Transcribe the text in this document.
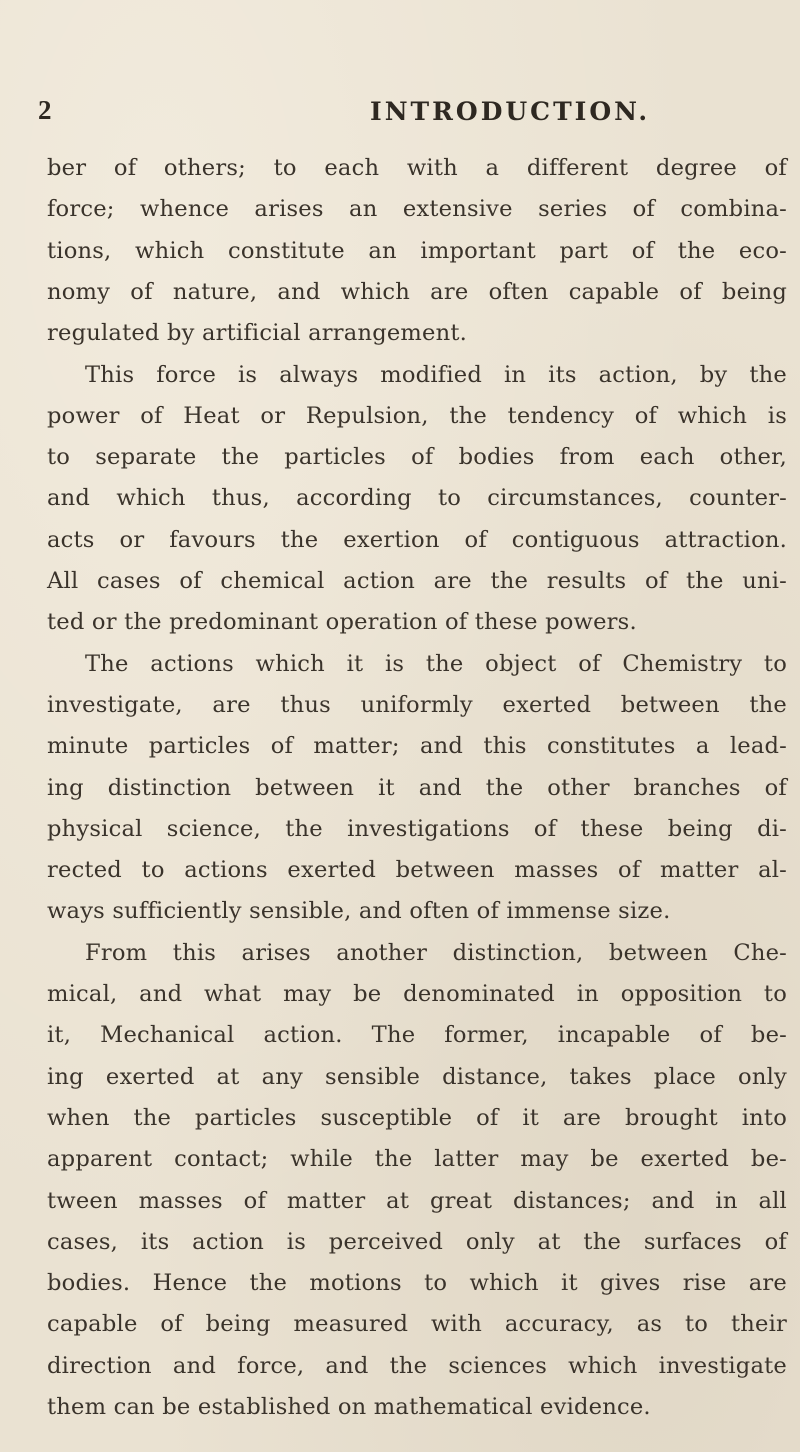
2	INTRODUCTION.
ber of others; to each with a different degree of
force; whence arises an extensive series of combina-
tions, which constitute an important part of the eco-
nomy of nature, and which are often capable of being
regulated by artificial arrangement.
This force is always modified in its action, by the
power of Heat or Repulsion, the tendency of which is
to separate the particles of bodies from each other,
and which thus, according to circumstances, counter-
acts or favours the exertion of contiguous attraction.
All cases of chemical action are the results of the uni-
ted or the predominant operation of these powers.
The actions which it is the object of Chemistry to
investigate, are thus uniformly exerted between the
minute particles of matter; and this constitutes a lead-
ing distinction between it and the other branches of
physical science, the investigations of these being di-
rected to actions exerted between masses of matter al-
ways sufficiently sensible, and often of immense size.
From this arises another distinction, between Che-
mical, and what may be denominated in opposition to
it, Mechanical action. The former, incapable of be-
ing exerted at any sensible distance, takes place only
when the particles susceptible of it are brought into
apparent contact; while the latter may be exerted be-
tween masses of matter at great distances; and in all
cases, its action is perceived only at the surfaces of
bodies. Hence the motions to which it gives rise are
capable of being measured with accuracy, as to their
direction and force, and the sciences which investigate
them can be established on mathematical evidence.
